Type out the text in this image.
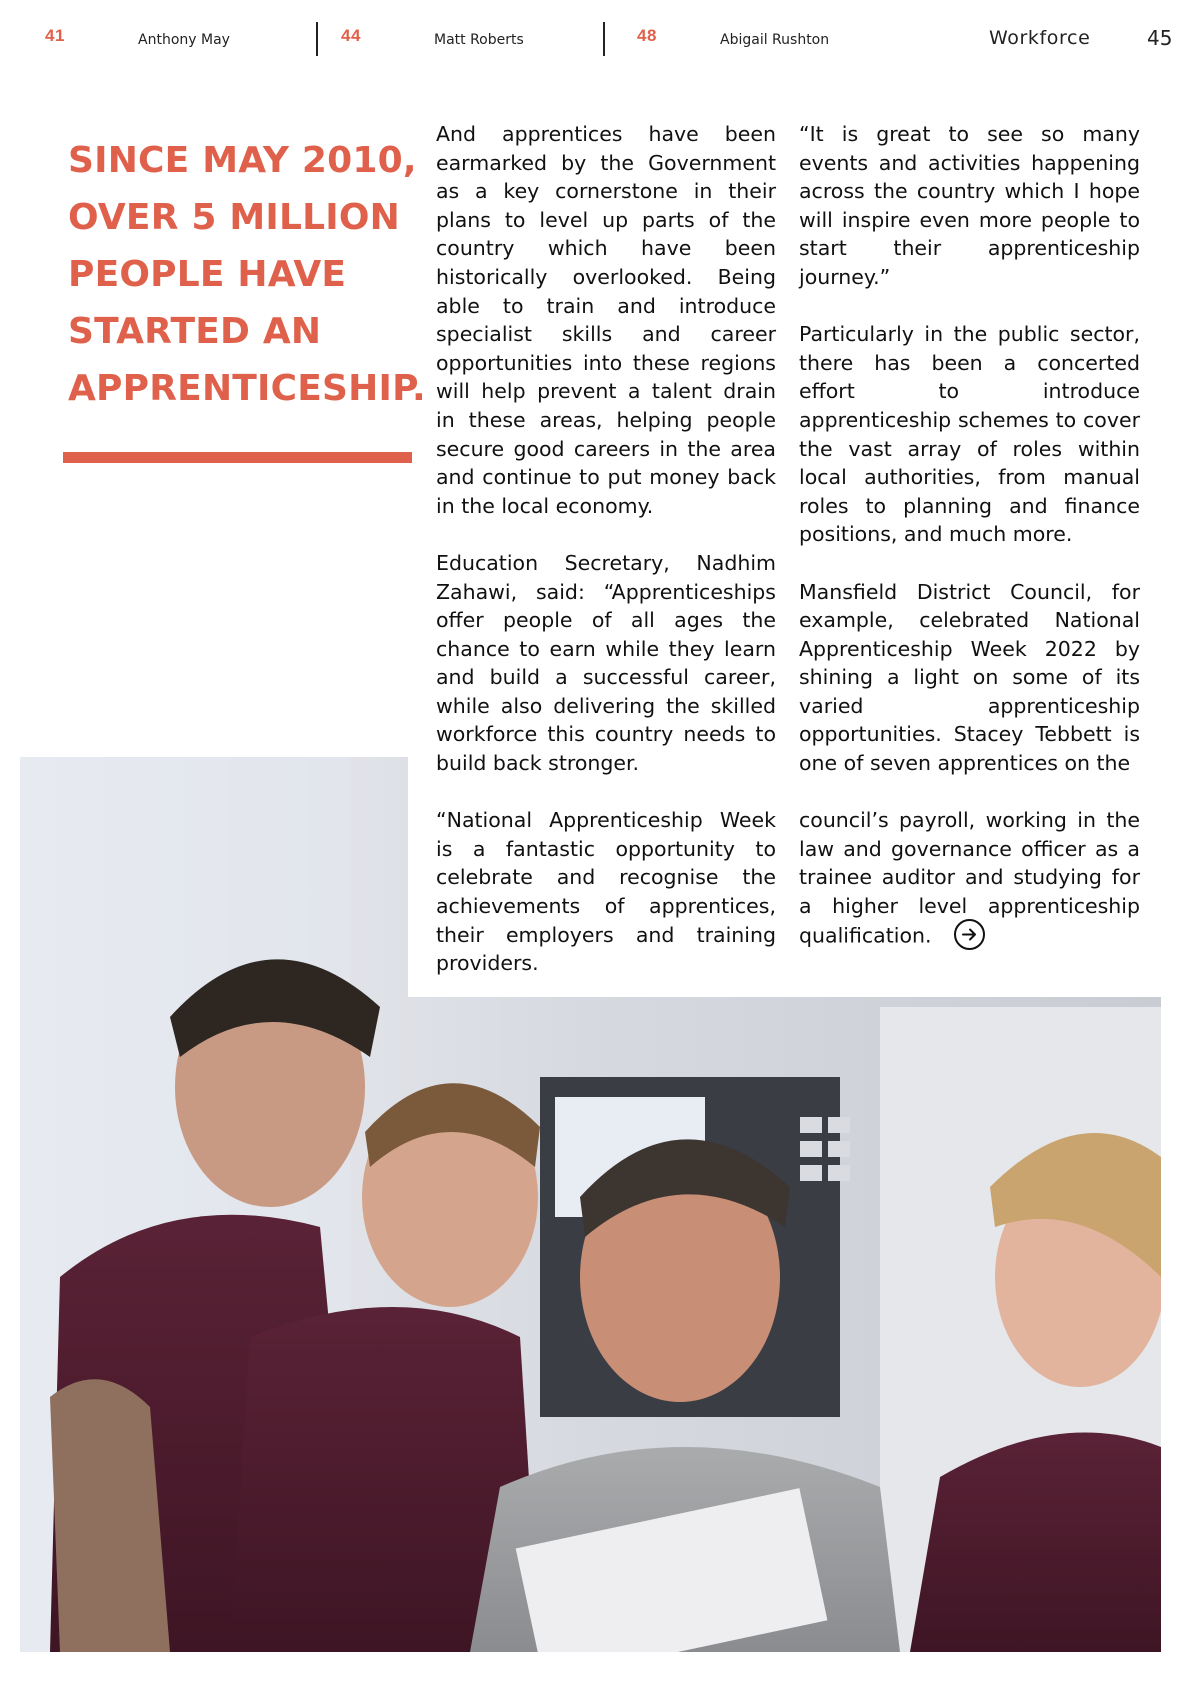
41	Anthony May	44	Matt Roberts	48	Abigail Rushton	Workforce	45
SINCE MAY 2010, OVER 5 MILLION PEOPLE HAVE STARTED AN APPRENTICESHIP.

And apprentices have been earmarked by the Government as a key cornerstone in their plans to level up parts of the country which have been historically overlooked. Being able to train and introduce specialist skills and career opportunities into these regions will help prevent a talent drain in these areas, helping people secure good careers in the area and continue to put money back in the local economy.

Education Secretary, Nadhim Zahawi, said: “Apprenticeships offer people of all ages the chance to earn while they learn and build a successful career, while also delivering the skilled workforce this country needs to build back stronger.

“National Apprenticeship Week is a fantastic opportunity to celebrate and recognise the achievements of apprentices, their employers and training providers.

“It is great to see so many events and activities happening across the country which I hope will inspire even more people to start their apprenticeship journey.”

Particularly in the public sector, there has been a concerted effort to introduce apprenticeship schemes to cover the vast array of roles within local authorities, from manual roles to planning and finance positions, and much more.

Mansfield District Council, for example, celebrated National Apprenticeship Week 2022 by shining a light on some of its varied apprenticeship opportunities. Stacey Tebbett is one of seven apprentices on the

council’s payroll, working in the law and governance officer as a trainee auditor and studying for a higher level apprenticeship qualification.
